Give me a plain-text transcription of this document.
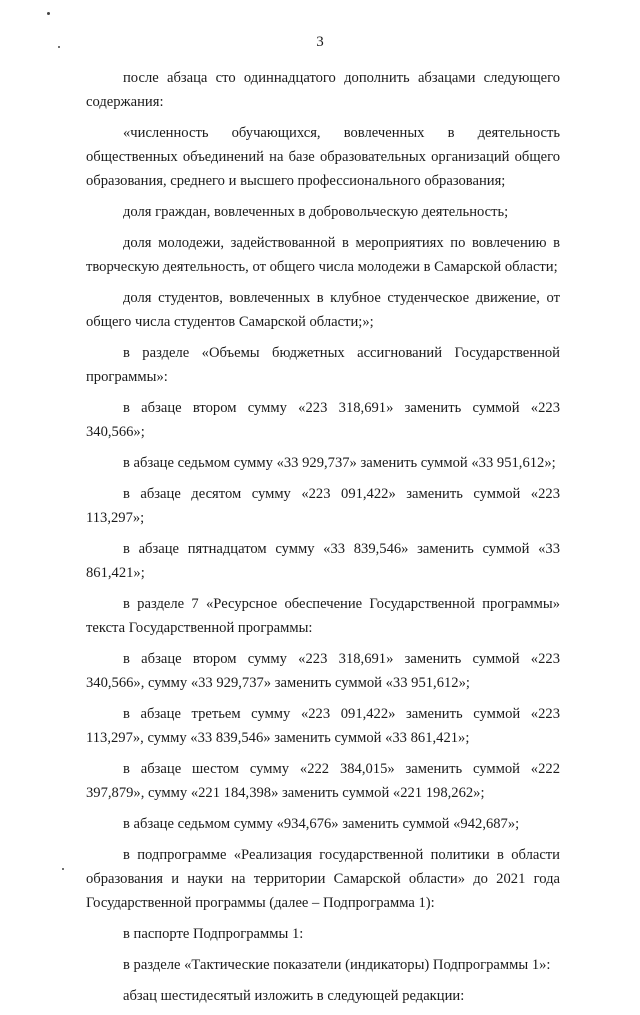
3

после абзаца сто одиннадцатого дополнить абзацами следующего содержания:

«численность обучающихся, вовлеченных в деятельность общественных объединений на базе образовательных организаций общего образования, среднего и высшего профессионального образования;

доля граждан, вовлеченных в добровольческую деятельность;

доля молодежи, задействованной в мероприятиях по вовлечению в творческую деятельность, от общего числа молодежи в Самарской области;

доля студентов, вовлеченных в клубное студенческое движение, от общего числа студентов Самарской области;»;

в разделе «Объемы бюджетных ассигнований Государственной программы»:

в абзаце втором сумму «223 318,691» заменить суммой «223 340,566»;

в абзаце седьмом сумму «33 929,737» заменить суммой «33 951,612»;

в абзаце десятом сумму «223 091,422» заменить суммой «223 113,297»;

в абзаце пятнадцатом сумму «33 839,546» заменить суммой «33 861,421»;

в разделе 7 «Ресурсное обеспечение Государственной программы» текста Государственной программы:

в абзаце втором сумму «223 318,691» заменить суммой «223 340,566», сумму «33 929,737» заменить суммой «33 951,612»;

в абзаце третьем сумму «223 091,422» заменить суммой «223 113,297», сумму «33 839,546» заменить суммой «33 861,421»;

в абзаце шестом сумму «222 384,015» заменить суммой «222 397,879», сумму «221 184,398» заменить суммой «221 198,262»;

в абзаце седьмом сумму «934,676» заменить суммой «942,687»;

в подпрограмме «Реализация государственной политики в области образования и науки на территории Самарской области» до 2021 года Государственной программы (далее – Подпрограмма 1):

в паспорте Подпрограммы 1:

в разделе «Тактические показатели (индикаторы) Подпрограммы 1»:

абзац шестидесятый изложить в следующей редакции:
